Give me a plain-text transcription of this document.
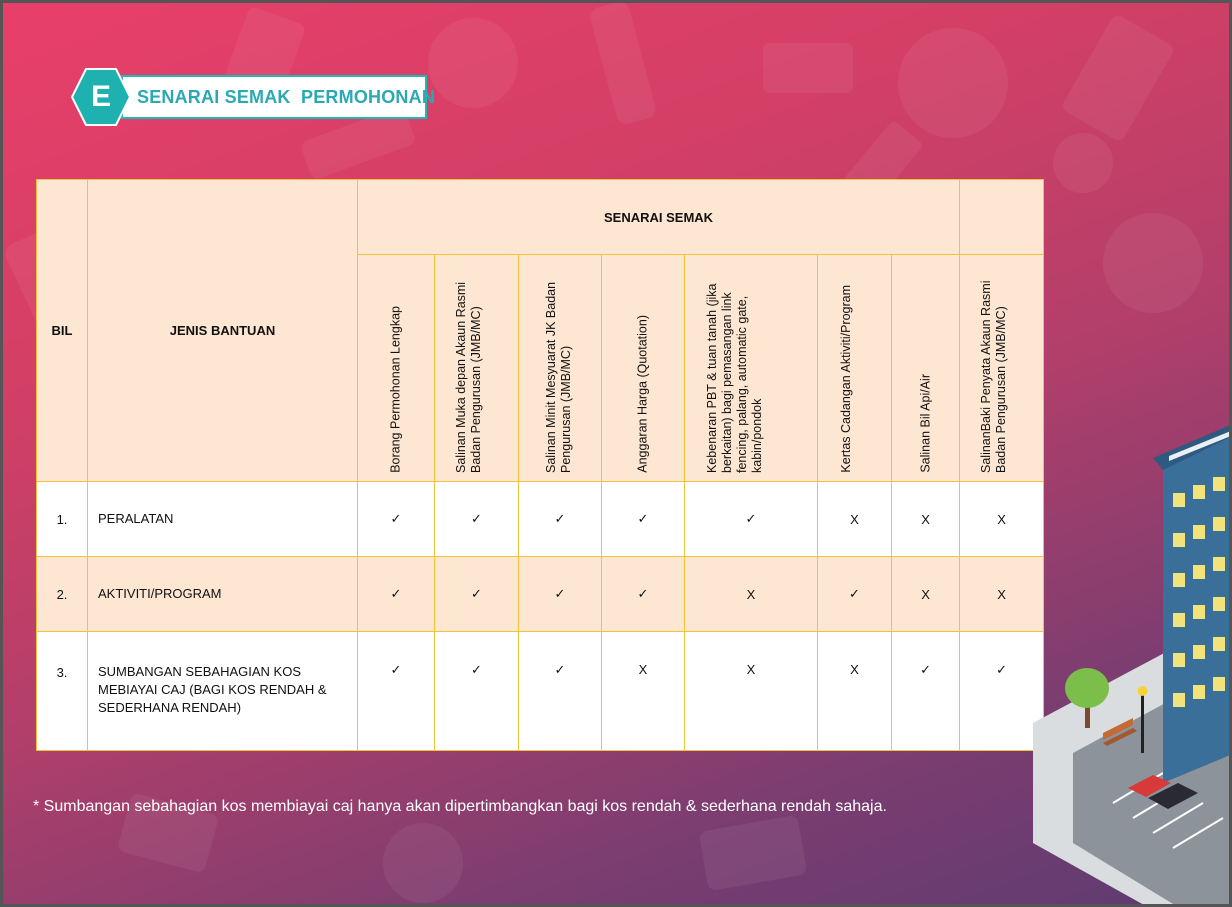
SENARAI SEMAK  PERMOHONAN
E
BIL	JENIS BANTUAN	SENARAI SEMAK							

		Borang Permohonan Lengkap	Salinan Muka depan Akaun Rasmi Badan Pengurusan (JMB/MC)	Salinan Minit Mesyuarat JK Badan Pengurusan (JMB/MC)	Anggaran Harga (Quotation)	Kebenaran PBT & tuan tanah (jika berkaitan) bagi pemasangan link fencing, palang, automatic gate, kabin/pondok	Kertas Cadangan Aktiviti/Program	Salinan Bil Api/Air	SalinanBaki Penyata Akaun Rasmi Badan Pengurusan (JMB/MC)

1.	PERALATAN	✓	✓	✓	✓	✓	X	X	X
2.	AKTIVITI/PROGRAM	✓	✓	✓	✓	X	✓	X	X
3.	SUMBANGAN SEBAHAGIAN KOS MEBIAYAI CAJ (BAGI KOS RENDAH & SEDERHANA RENDAH)	✓	✓	✓	X	X	X	✓	✓
* Sumbangan sebahagian kos membiayai caj hanya akan dipertimbangkan bagi kos rendah & sederhana rendah sahaja.
